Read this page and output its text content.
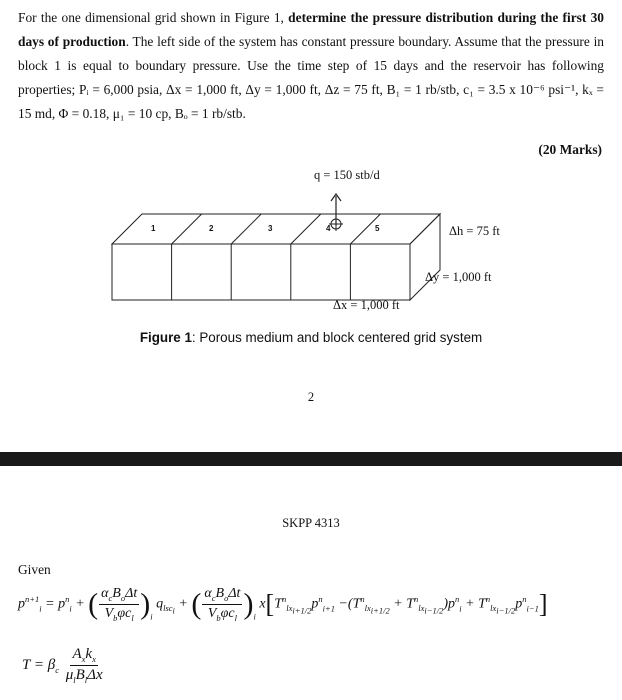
For the one dimensional grid shown in Figure 1, determine the pressure distribution during the first 30 days of production. The left side of the system has constant pressure boundary. Assume that the pressure in block 1 is equal to boundary pressure. Use the time step of 15 days and the reservoir has following properties; Pᵢ = 6,000 psia, Δx = 1,000 ft, Δy = 1,000 ft, Δz = 75 ft, B₁ = 1 rb/stb, c₁ = 3.5 x 10⁻⁶ psi⁻¹, kₓ = 15 md, Φ = 0.18, μ₁ = 10 cp, Bₒ = 1 rb/stb.

(20 Marks)
q = 150 stb/d
1	2	3	4	5	Δh = 75 ft
Δy = 1,000 ft
Δx = 1,000 ft
Figure 1: Porous medium and block centered grid system
2
SKPP 4313
Given
$p^{n+1}_i = p^n_i$ + ( $\frac{\alpha_cB_o\Delta t}{V_b\varphi c_l} )_i$ $q_{lsc_i}$ + ( $\frac{\alpha_cB_o\Delta t}{V_b\varphi c_l} )_i$ $x[T^n_{lx_{i+1/2}}p^n_{i+1} -(T^n_{lx_{i+1/2}} + T^n_{lx_{i-1/2}})p^n_i + T^n_{lx_{i-1/2}}p^n_{i-1}]$
$T = \beta_c \frac{A_xk_x}{\mu_lB_l\Delta x}$
